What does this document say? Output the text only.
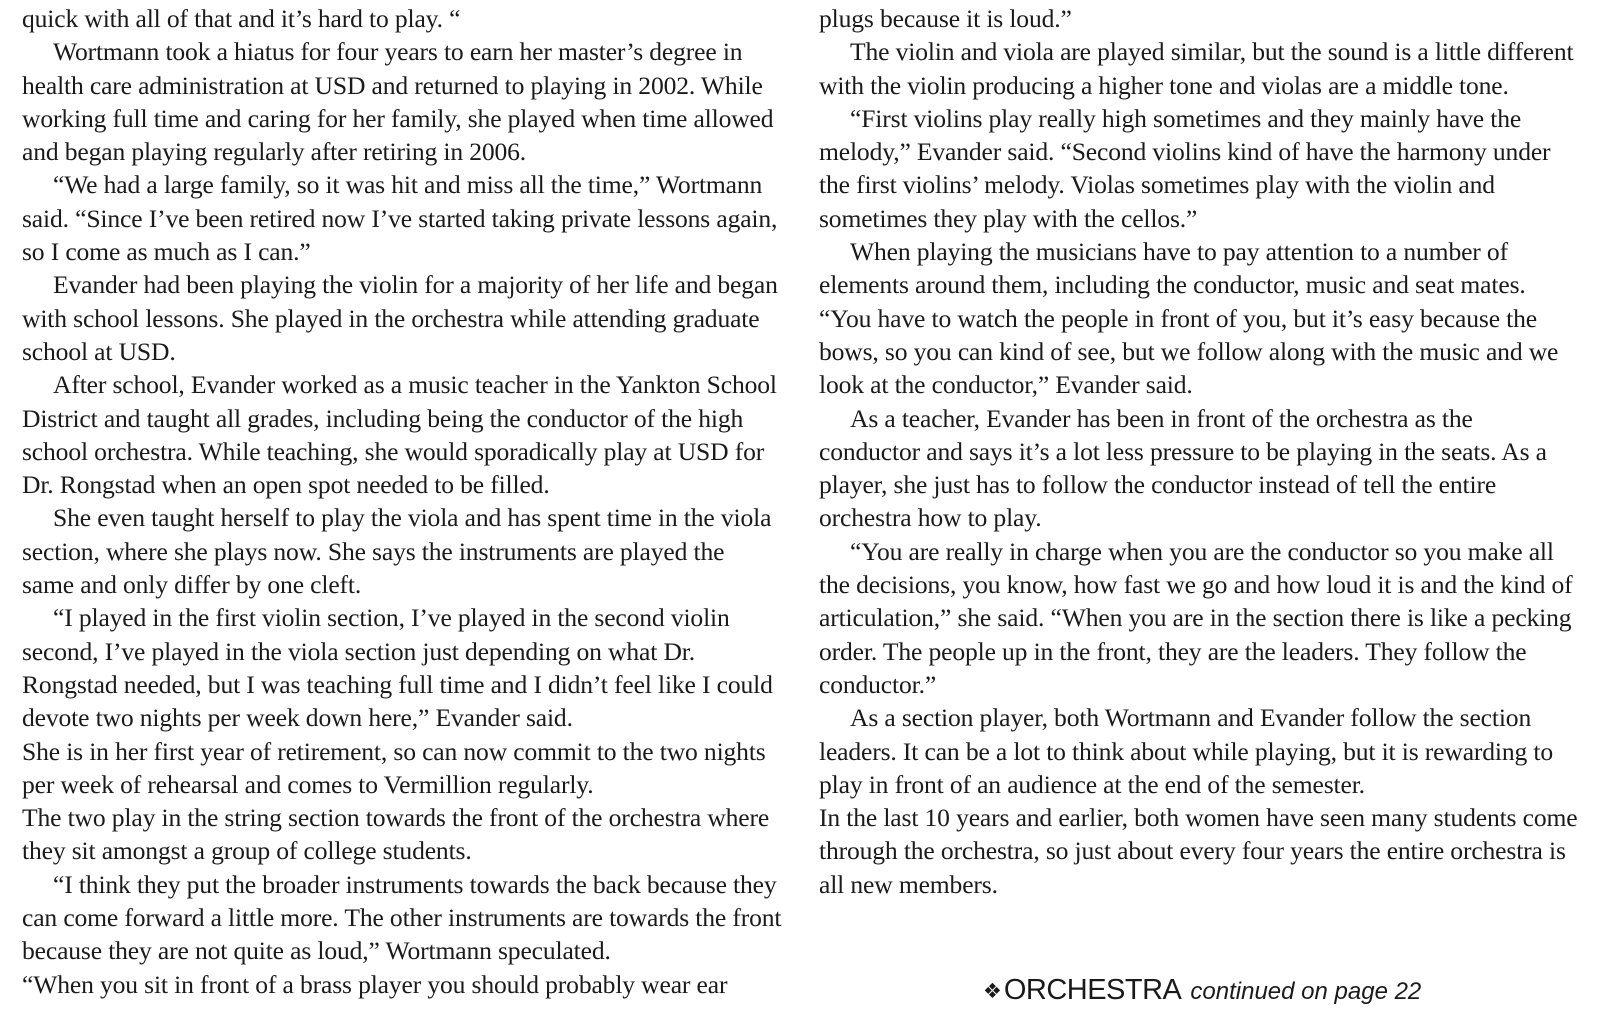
quick with all of that and it’s hard to play. “

Wortmann took a hiatus for four years to earn her master’s degree in health care administration at USD and returned to playing in 2002. While working full time and caring for her family, she played when time allowed and began playing regularly after retiring in 2006.

“We had a large family, so it was hit and miss all the time,” Wortmann said. “Since I’ve been retired now I’ve started taking private lessons again, so I come as much as I can.”

Evander had been playing the violin for a majority of her life and began with school lessons. She played in the orchestra while attending graduate school at USD.

After school, Evander worked as a music teacher in the Yankton School District and taught all grades, including being the conductor of the high school orchestra. While teaching, she would sporadically play at USD for Dr. Rongstad when an open spot needed to be filled.

She even taught herself to play the viola and has spent time in the viola section, where she plays now. She says the instruments are played the same and only differ by one cleft.

“I played in the first violin section, I’ve played in the second violin second, I’ve played in the viola section just depending on what Dr. Rongstad needed, but I was teaching full time and I didn’t feel like I could devote two nights per week down here,” Evander said.

She is in her first year of retirement, so can now commit to the two nights per week of rehearsal and comes to Vermillion regularly.

The two play in the string section towards the front of the orchestra where they sit amongst a group of college students.

“I think they put the broader instruments towards the back because they can come forward a little more. The other instruments are towards the front because they are not quite as loud,” Wortmann speculated.

“When you sit in front of a brass player you should probably wear ear

plugs because it is loud.”

The violin and viola are played similar, but the sound is a little different with the violin producing a higher tone and violas are a middle tone.

“First violins play really high sometimes and they mainly have the melody,” Evander said. “Second violins kind of have the harmony under the first violins’ melody. Violas sometimes play with the violin and sometimes they play with the cellos.”

When playing the musicians have to pay attention to a number of elements around them, including the conductor, music and seat mates.

“You have to watch the people in front of you, but it’s easy because the bows, so you can kind of see, but we follow along with the music and we look at the conductor,” Evander said.

As a teacher, Evander has been in front of the orchestra as the conductor and says it’s a lot less pressure to be playing in the seats. As a player, she just has to follow the conductor instead of tell the entire orchestra how to play.

“You are really in charge when you are the conductor so you make all the decisions, you know, how fast we go and how loud it is and the kind of articulation,” she said. “When you are in the section there is like a pecking order. The people up in the front, they are the leaders. They follow the conductor.”

As a section player, both Wortmann and Evander follow the section leaders. It can be a lot to think about while playing, but it is rewarding to play in front of an audience at the end of the semester.

In the last 10 years and earlier, both women have seen many students come through the orchestra, so just about every four years the entire orchestra is all new members.

❖ ORCHESTRA continued on page 22
